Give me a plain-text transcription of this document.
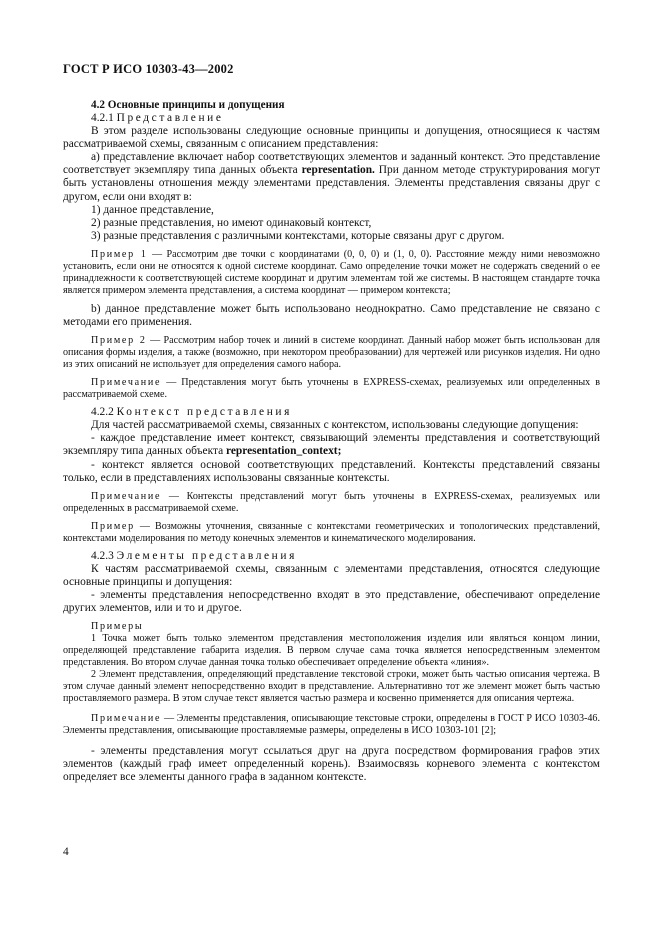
ГОСТ Р ИСО 10303-43—2002

4.2 Основные принципы и допущения

4.2.1 Представление

В этом разделе использованы следующие основные принципы и допущения, относящиеся к частям рассматриваемой схемы, связанным с описанием представления:

а) представление включает набор соответствующих элементов и заданный контекст. Это представление соответствует экземпляру типа данных объекта representation. При данном методе структурирования могут быть установлены отношения между элементами представления. Элементы представления связаны друг с другом, если они входят в:

1) данное представление,

2) разные представления, но имеют одинаковый контекст,

3) разные представления с различными контекстами, которые связаны друг с другом.

Пример 1 — Рассмотрим две точки с координатами (0, 0, 0) и (1, 0, 0). Расстояние между ними невозможно установить, если они не относятся к одной системе координат. Само определение точки может не содержать сведений о ее принадлежности к соответствующей системе координат и другим элементам той же системы. В настоящем стандарте точка является примером элемента представления, а система координат — примером контекста;

b) данное представление может быть использовано неоднократно. Само представление не связано с методами его применения.

Пример 2 — Рассмотрим набор точек и линий в системе координат. Данный набор может быть использован для описания формы изделия, а также (возможно, при некотором преобразовании) для чертежей или рисунков изделия. Ни одно из этих описаний не использует для определения самого набора.

Примечание — Представления могут быть уточнены в EXPRESS-схемах, реализуемых или определенных в рассматриваемой схеме.

4.2.2 Контекст представления

Для частей рассматриваемой схемы, связанных с контекстом, использованы следующие допущения:

- каждое представление имеет контекст, связывающий элементы представления и соответствующий экземпляру типа данных объекта representation_context;

- контекст является основой соответствующих представлений. Контексты представлений связаны только, если в представлениях использованы связанные контексты.

Примечание — Контексты представлений могут быть уточнены в EXPRESS-схемах, реализуемых или определенных в рассматриваемой схеме.

Пример — Возможны уточнения, связанные с контекстами геометрических и топологических представлений, контекстами моделирования по методу конечных элементов и кинематического моделирования.

4.2.3 Элементы представления

К частям рассматриваемой схемы, связанным с элементами представления, относятся следующие основные принципы и допущения:

- элементы представления непосредственно входят в это представление, обеспечивают определение других элементов, или и то и другое.

Примеры

1 Точка может быть только элементом представления местоположения изделия или являться концом линии, определяющей представление габарита изделия. В первом случае сама точка является непосредственным элементом представления. Во втором случае данная точка только обеспечивает определение объекта «линия».

2 Элемент представления, определяющий представление текстовой строки, может быть частью описания чертежа. В этом случае данный элемент непосредственно входит в представление. Альтернативно тот же элемент может быть частью проставляемого размера. В этом случае текст является частью размера и косвенно применяется для описания чертежа.

Примечание — Элементы представления, описывающие текстовые строки, определены в ГОСТ Р ИСО 10303-46. Элементы представления, описывающие проставляемые размеры, определены в ИСО 10303-101 [2];

- элементы представления могут ссылаться друг на друга посредством формирования графов этих элементов (каждый граф имеет определенный корень). Взаимосвязь корневого элемента с контекстом определяет все элементы данного графа в заданном контексте.

4
